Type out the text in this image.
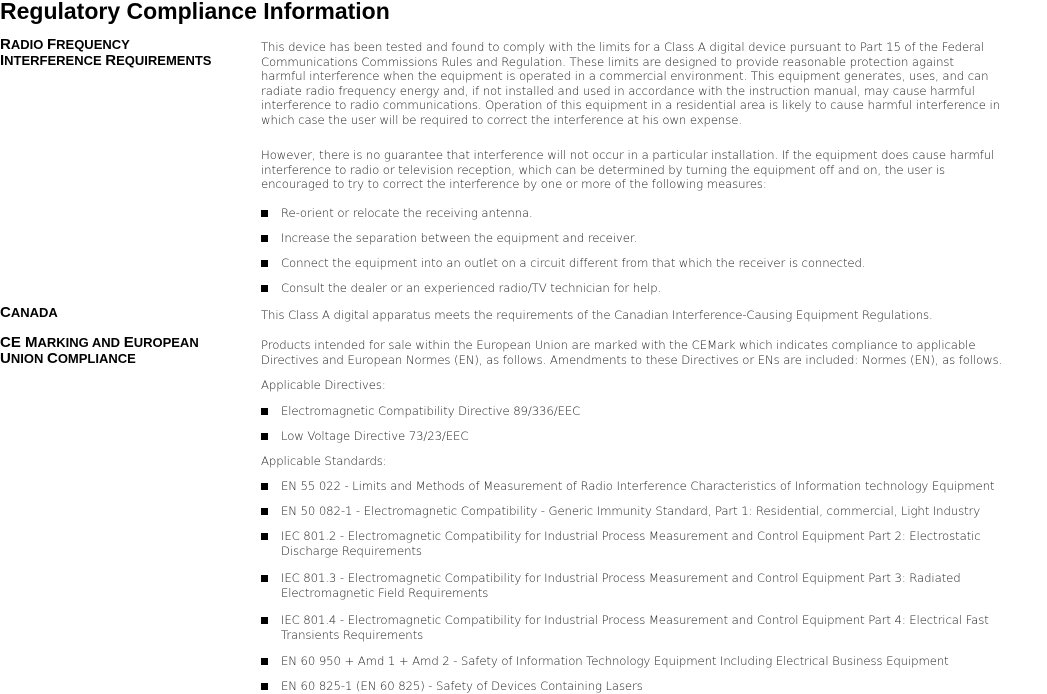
Regulatory Compliance Information
RADIO FREQUENCY
INTERFERENCE REQUIREMENTS

This device has been tested and found to comply with the limits for a Class A digital device pursuant to Part 15 of the Federal
Communications Commissions Rules and Regulation. These limits are designed to provide reasonable protection against
harmful interference when the equipment is operated in a commercial environment. This equipment generates, uses, and can
radiate radio frequency energy and, if not installed and used in accordance with the instruction manual, may cause harmful
interference to radio communications. Operation of this equipment in a residential area is likely to cause harmful interference in
which case the user will be required to correct the interference at his own expense.

However, there is no guarantee that interference will not occur in a particular installation. If the equipment does cause harmful
interference to radio or television reception, which can be determined by turning the equipment off and on, the user is
encouraged to try to correct the interference by one or more of the following measures:

Re-orient or relocate the receiving antenna.
Increase the separation between the equipment and receiver.
Connect the equipment into an outlet on a circuit different from that which the receiver is connected.
Consult the dealer or an experienced radio/TV technician for help.
CANADA	This Class A digital apparatus meets the requirements of the Canadian Interference-Causing Equipment Regulations.

CE MARKING AND EUROPEAN
UNION COMPLIANCE

Products intended for sale within the European Union are marked with the CEMark which indicates compliance to applicable
Directives and European Normes (EN), as follows. Amendments to these Directives or ENs are included: Normes (EN), as follows.

Applicable Directives:

Electromagnetic Compatibility Directive 89/336/EEC
Low Voltage Directive 73/23/EEC

Applicable Standards:

EN 55 022 - Limits and Methods of Measurement of Radio Interference Characteristics of Information technology Equipment
EN 50 082-1 - Electromagnetic Compatibility - Generic Immunity Standard, Part 1: Residential, commercial, Light Industry
IEC 801.2 - Electromagnetic Compatibility for Industrial Process Measurement and Control Equipment Part 2: Electrostatic
Discharge Requirements
IEC 801.3 - Electromagnetic Compatibility for Industrial Process Measurement and Control Equipment Part 3: Radiated
Electromagnetic Field Requirements
IEC 801.4 - Electromagnetic Compatibility for Industrial Process Measurement and Control Equipment Part 4: Electrical Fast
Transients Requirements
EN 60 950 + Amd 1 + Amd 2 - Safety of Information Technology Equipment Including Electrical Business Equipment
EN 60 825-1 (EN 60 825) - Safety of Devices Containing Lasers
